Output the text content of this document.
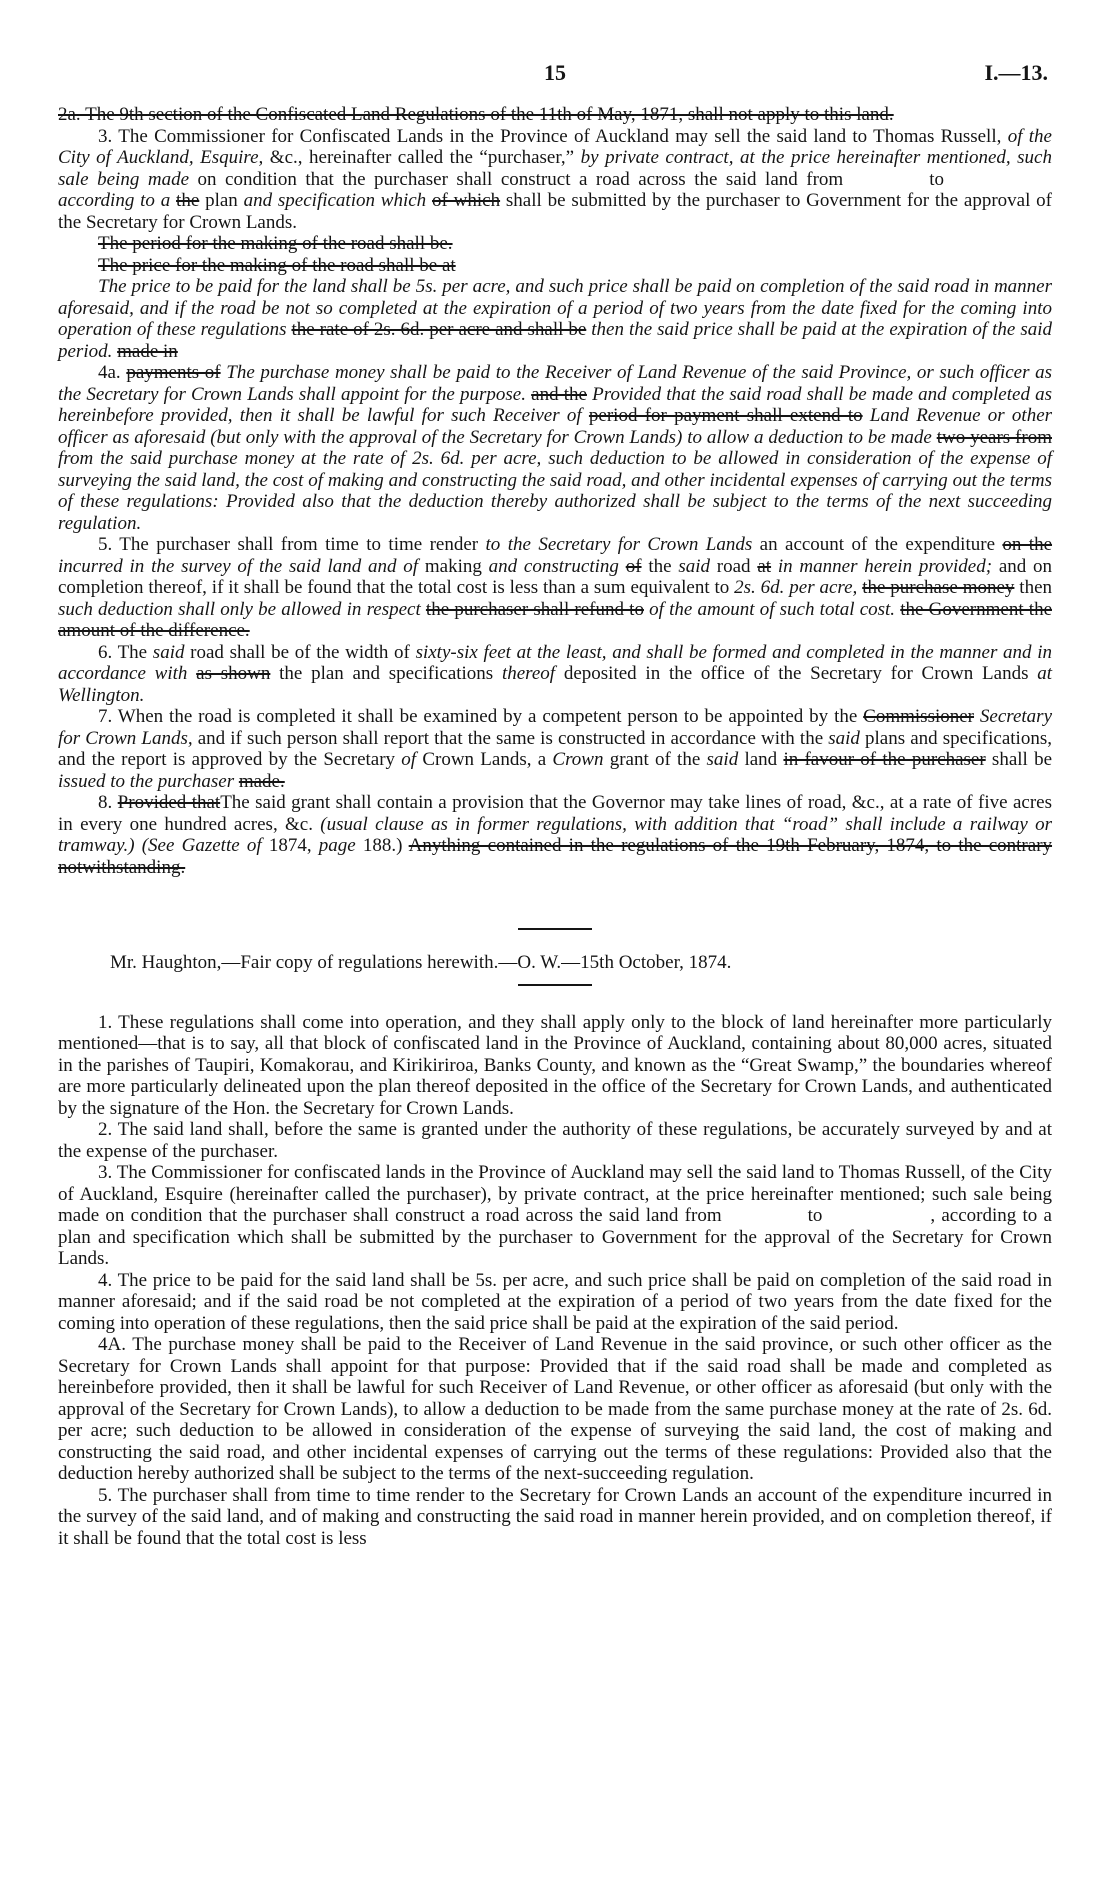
15	I.—13.

2a. The 9th section of the Confiscated Land Regulations of the 11th of May, 1871, shall not apply to this land.

3. The Commissioner for Confiscated Lands in the Province of Auckland may sell the said land to Thomas Russell, of the City of Auckland, Esquire, &c., hereinafter called the “purchaser,” by private contract, at the price hereinafter mentioned, such sale being made on condition that the purchaser shall construct a road across the said land from	toaccording to a the plan and specification which of which shall be submitted by the purchaser to Government for the approval of the Secretary for Crown Lands.

The period for the making of the road shall be.

The price for the making of the road shall be at

The price to be paid for the land shall be 5s. per acre, and such price shall be paid on completion of the said road in manner aforesaid, and if the road be not so completed at the expiration of a period of two years from the date fixed for the coming into operation of these regulations the rate of 2s. 6d. per acre and shall be then the said price shall be paid at the expiration of the said period. made in

4a. payments of The purchase money shall be paid to the Receiver of Land Revenue of the said Province, or such officer as the Secretary for Crown Lands shall appoint for the purpose. and the Provided that the said road shall be made and completed as hereinbefore provided, then it shall be lawful for such Receiver of period for payment shall extend to Land Revenue or other officer as aforesaid (but only with the approval of the Secretary for Crown Lands) to allow a deduction to be made two years from from the said purchase money at the rate of 2s. 6d. per acre, such deduction to be allowed in consideration of the expense of surveying the said land, the cost of making and constructing the said road, and other incidental expenses of carrying out the terms of these regulations: Provided also that the deduction thereby authorized shall be subject to the terms of the next succeeding regulation.

5. The purchaser shall from time to time render to the Secretary for Crown Lands an account of the expenditure on the incurred in the survey of the said land and of making and constructing of the said road at in manner herein provided; and on completion thereof, if it shall be found that the total cost is less than a sum equivalent to 2s. 6d. per acre, the purchase money then such deduction shall only be allowed in respect the purchaser shall refund to of the amount of such total cost. the Government the amount of the difference.

6. The said road shall be of the width of sixty-six feet at the least, and shall be formed and completed in the manner and in accordance with as shown the plan and specifications thereof deposited in the office of the Secretary for Crown Lands at Wellington.

7. When the road is completed it shall be examined by a competent person to be appointed by the Commissioner Secretary for Crown Lands, and if such person shall report that the same is constructed in accordance with the said plans and specifications, and the report is approved by the Secretary of Crown Lands, a Crown grant of the said land in favour of the purchaser shall be issued to the purchaser made.

8. Provided thatThe said grant shall contain a provision that the Governor may take lines of road, &c., at a rate of five acres in every one hundred acres, &c. (usual clause as in former regulations, with addition that “road” shall include a railway or tramway.) (See Gazette of 1874, page 188.) Anything contained in the regulations of the 19th February, 1874, to the contrary notwithstanding.

Mr. Haughton,—Fair copy of regulations herewith.—O. W.—15th October, 1874.

1. These regulations shall come into operation, and they shall apply only to the block of land hereinafter more particularly mentioned—that is to say, all that block of confiscated land in the Province of Auckland, containing about 80,000 acres, situated in the parishes of Taupiri, Komakorau, and Kirikiriroa, Banks County, and known as the “Great Swamp,” the boundaries whereof are more particularly delineated upon the plan thereof deposited in the office of the Secretary for Crown Lands, and authenticated by the signature of the Hon. the Secretary for Crown Lands.

2. The said land shall, before the same is granted under the authority of these regulations, be accurately surveyed by and at the expense of the purchaser.

3. The Commissioner for confiscated lands in the Province of Auckland may sell the said land to Thomas Russell, of the City of Auckland, Esquire (hereinafter called the purchaser), by private contract, at the price hereinafter mentioned; such sale being made on condition that the purchaser shall construct a road across the said land from	to	, according to a plan and specification which shall be submitted by the purchaser to Government for the approval of the Secretary for Crown Lands.

4. The price to be paid for the said land shall be 5s. per acre, and such price shall be paid on completion of the said road in manner aforesaid; and if the said road be not completed at the expiration of a period of two years from the date fixed for the coming into operation of these regulations, then the said price shall be paid at the expiration of the said period.

4A. The purchase money shall be paid to the Receiver of Land Revenue in the said province, or such other officer as the Secretary for Crown Lands shall appoint for that purpose: Provided that if the said road shall be made and completed as hereinbefore provided, then it shall be lawful for such Receiver of Land Revenue, or other officer as aforesaid (but only with the approval of the Secretary for Crown Lands), to allow a deduction to be made from the same purchase money at the rate of 2s. 6d. per acre; such deduction to be allowed in consideration of the expense of surveying the said land, the cost of making and constructing the said road, and other incidental expenses of carrying out the terms of these regulations: Provided also that the deduction hereby authorized shall be subject to the terms of the next-succeeding regulation.

5. The purchaser shall from time to time render to the Secretary for Crown Lands an account of the expenditure incurred in the survey of the said land, and of making and constructing the said road in manner herein provided, and on completion thereof, if it shall be found that the total cost is less
